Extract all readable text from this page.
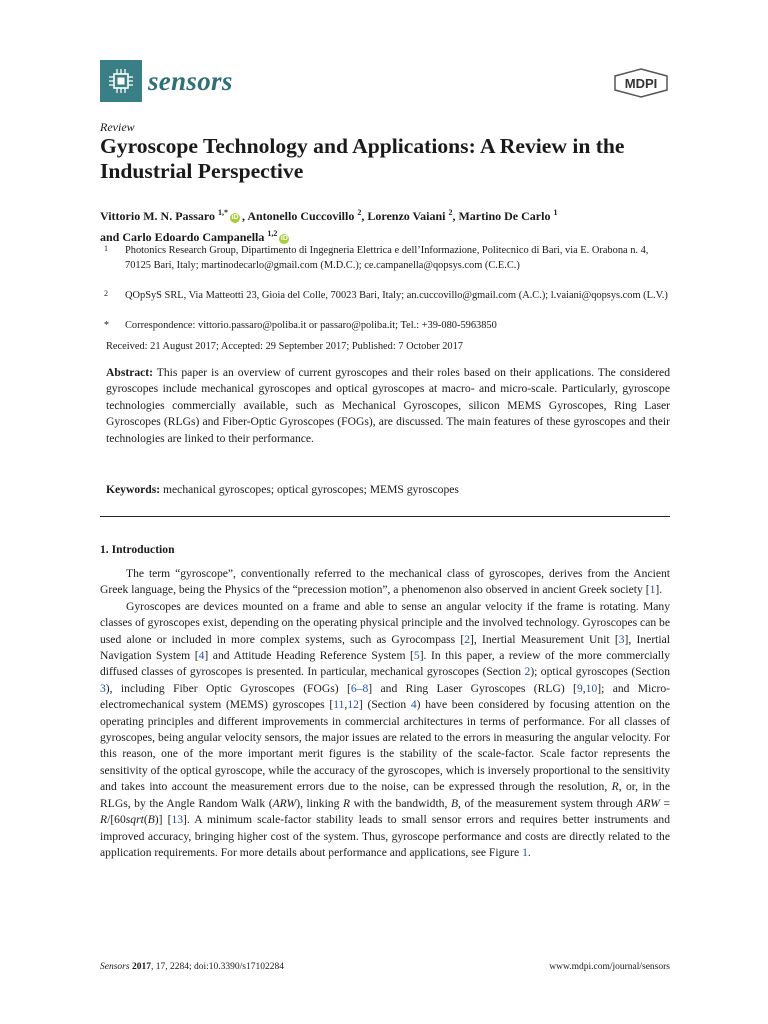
sensors	MDPI
Review
Gyroscope Technology and Applications: A Review in the Industrial Perspective
Vittorio M. N. Passaro $^{1,*}$iD , Antonello Cuccovillo $^2$, Lorenzo Vaiani $^2$, Martino De Carlo $^1$
and Carlo Edoardo Campanella $^{1,2}$iD
1 Photonics Research Group, Dipartimento di Ingegneria Elettrica e dell’Informazione, Politecnico di Bari, via E. Orabona n. 4, 70125 Bari, Italy; martinodecarlo@gmail.com (M.D.C.); ce.campanella@qopsys.com (C.E.C.)
2 QOpSyS SRL, Via Matteotti 23, Gioia del Colle, 70023 Bari, Italy; an.cuccovillo@gmail.com (A.C.); l.vaiani@qopsys.com (L.V.)
* Correspondence: vittorio.passaro@poliba.it or passaro@poliba.it; Tel.: +39-080-5963850
Received: 21 August 2017; Accepted: 29 September 2017; Published: 7 October 2017
Abstract: This paper is an overview of current gyroscopes and their roles based on their applications. The considered gyroscopes include mechanical gyroscopes and optical gyroscopes at macro- and micro-scale. Particularly, gyroscope technologies commercially available, such as Mechanical Gyroscopes, silicon MEMS Gyroscopes, Ring Laser Gyroscopes (RLGs) and Fiber-Optic Gyroscopes (FOGs), are discussed. The main features of these gyroscopes and their technologies are linked to their performance.
Keywords: mechanical gyroscopes; optical gyroscopes; MEMS gyroscopes
1. Introduction

The term “gyroscope”, conventionally referred to the mechanical class of gyroscopes, derives from the Ancient Greek language, being the Physics of the “precession motion”, a phenomenon also observed in ancient Greek society [1].

Gyroscopes are devices mounted on a frame and able to sense an angular velocity if the frame is rotating. Many classes of gyroscopes exist, depending on the operating physical principle and the involved technology. Gyroscopes can be used alone or included in more complex systems, such as Gyrocompass [2], Inertial Measurement Unit [3], Inertial Navigation System [4] and Attitude Heading Reference System [5]. In this paper, a review of the more commercially diffused classes of gyroscopes is presented. In particular, mechanical gyroscopes (Section 2); optical gyroscopes (Section 3), including Fiber Optic Gyroscopes (FOGs) [6–8] and Ring Laser Gyroscopes (RLG) [9,10]; and Micro-electromechanical system (MEMS) gyroscopes [11,12] (Section 4) have been considered by focusing attention on the operating principles and different improvements in commercial architectures in terms of performance. For all classes of gyroscopes, being angular velocity sensors, the major issues are related to the errors in measuring the angular velocity. For this reason, one of the more important merit figures is the stability of the scale-factor. Scale factor represents the sensitivity of the optical gyroscope, while the accuracy of the gyroscopes, which is inversely proportional to the sensitivity and takes into account the measurement errors due to the noise, can be expressed through the resolution, R, or, in the RLGs, by the Angle Random Walk (ARW), linking R with the bandwidth, B, of the measurement system through ARW = R/[60sqrt(B)] [13]. A minimum scale-factor stability leads to small sensor errors and requires better instruments and improved accuracy, bringing higher cost of the system. Thus, gyroscope performance and costs are directly related to the application requirements. For more details about performance and applications, see Figure 1.

Sensors 2017, 17, 2284; doi:10.3390/s17102284	www.mdpi.com/journal/sensors
